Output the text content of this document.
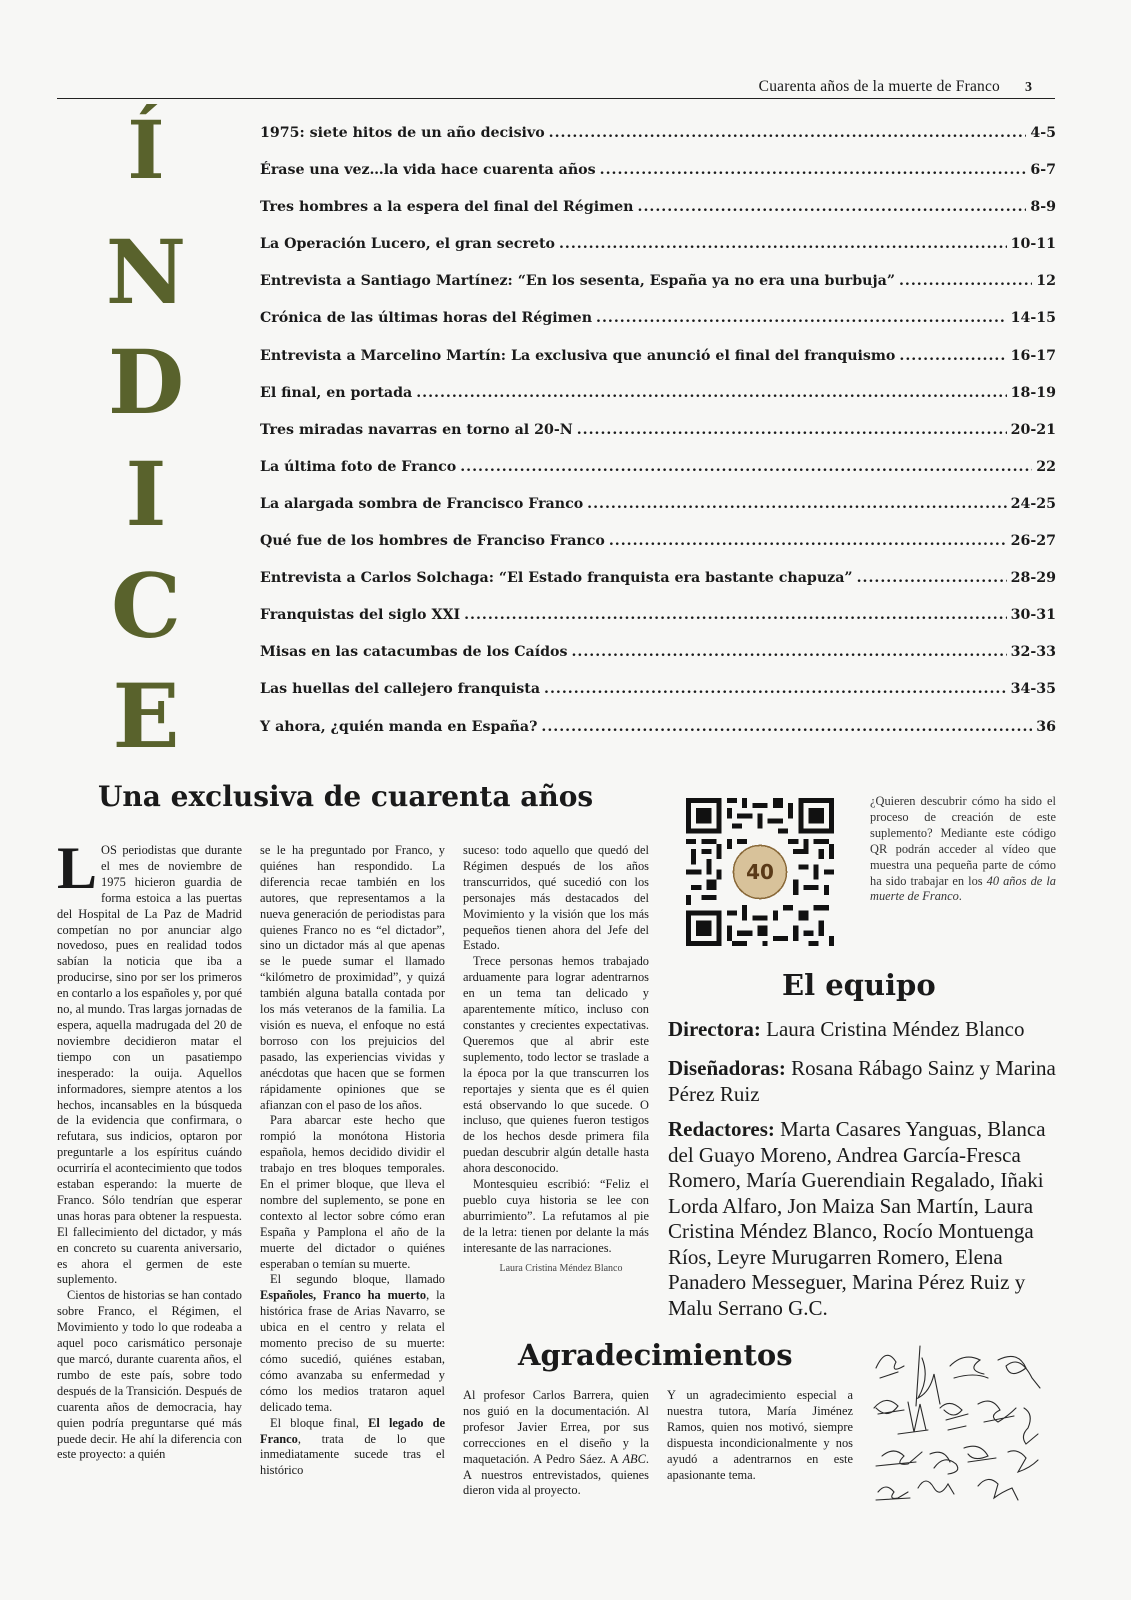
Cuarenta años de la muerte de Franco 3
Í
N
D
I
C
E
1975: siete hitos de un año decisivo .....	4-5
Érase una vez…la vida hace cuarenta años .....	6-7
Tres hombres a la espera del final del Régimen .....	8-9
La Operación Lucero, el gran secreto .....	10-11
Entrevista a Santiago Martínez: “En los sesenta, España ya no era una burbuja” .....	12
Crónica de las últimas horas del Régimen .....	14-15
Entrevista a Marcelino Martín: La exclusiva que anunció el final del franquismo .....	16-17
El final, en portada .....	18-19
Tres miradas navarras en torno al 20-N .....	20-21
La última foto de Franco .....	22
La alargada sombra de Francisco Franco .....	24-25
Qué fue de los hombres de Franciso Franco .....	26-27
Entrevista a Carlos Solchaga: “El Estado franquista era bastante chapuza” .....	28-29
Franquistas del siglo XXI .....	30-31
Misas en las catacumbas de los Caídos .....	32-33
Las huellas del callejero franquista .....	34-35
Y ahora, ¿quién manda en España? .....	36
Una exclusiva de cuarenta años

LOS periodistas que durante el mes de noviembre de 1975 hicieron guardia de forma estoica a las puertas del Hospital de La Paz de Madrid competían no por anunciar algo novedoso, pues en realidad todos sabían la noticia que iba a producirse, sino por ser los primeros en contarlo a los españoles y, por qué no, al mundo. Tras largas jornadas de espera, aquella madrugada del 20 de noviembre decidieron matar el tiempo con un pasatiempo inesperado: la ouija. Aquellos informadores, siempre atentos a los hechos, incansables en la búsqueda de la evidencia que confirmara, o refutara, sus indicios, optaron por preguntarle a los espíritus cuándo ocurriría el acontecimiento que todos estaban esperando: la muerte de Franco. Sólo tendrían que esperar unas horas para obtener la respuesta. El fallecimiento del dictador, y más en concreto su cuarenta aniversario, es ahora el germen de este suplemento.

Cientos de historias se han contado sobre Franco, el Régimen, el Movimiento y todo lo que rodeaba a aquel poco carismático personaje que marcó, durante cuarenta años, el rumbo de este país, sobre todo después de la Transición. Después de cuarenta años de democracia, hay quien podría preguntarse qué más puede decir. He ahí la diferencia con este proyecto: a quién

se le ha preguntado por Franco, y quiénes han respondido. La diferencia recae también en los autores, que representamos a la nueva generación de periodistas para quienes Franco no es “el dictador”, sino un dictador más al que apenas se le puede sumar el llamado “kilómetro de proximidad”, y quizá también alguna batalla contada por los más veteranos de la familia. La visión es nueva, el enfoque no está borroso con los prejuicios del pasado, las experiencias vividas y anécdotas que hacen que se formen rápidamente opiniones que se afianzan con el paso de los años.

Para abarcar este hecho que rompió la monótona Historia española, hemos decidido dividir el trabajo en tres bloques temporales. En el primer bloque, que lleva el nombre del suplemento, se pone en contexto al lector sobre cómo eran España y Pamplona el año de la muerte del dictador o quiénes esperaban o temían su muerte.

El segundo bloque, llamado Españoles, Franco ha muerto, la histórica frase de Arias Navarro, se ubica en el centro y relata el momento preciso de su muerte: cómo sucedió, quiénes estaban, cómo avanzaba su enfermedad y cómo los medios trataron aquel delicado tema.

El bloque final, El legado de Franco, trata de lo que inmediatamente sucede tras el histórico

suceso: todo aquello que quedó del Régimen después de los años transcurridos, qué sucedió con los personajes más destacados del Movimiento y la visión que los más pequeños tienen ahora del Jefe del Estado.

Trece personas hemos trabajado arduamente para lograr adentrarnos en un tema tan delicado y aparentemente mítico, incluso con constantes y crecientes expectativas. Queremos que al abrir este suplemento, todo lector se traslade a la época por la que transcurren los reportajes y sienta que es él quien está observando lo que sucede. O incluso, que quienes fueron testigos de los hechos desde primera fila puedan descubrir algún detalle hasta ahora desconocido.

Montesquieu escribió: “Feliz el pueblo cuya historia se lee con aburrimiento”. La refutamos al pie de la letra: tienen por delante la más interesante de las narraciones.

Laura Cristina Méndez Blanco

40
¿Quieren descubrir cómo ha sido el proceso de creación de este suplemento? Mediante este código QR podrán acceder al vídeo que muestra una pequeña parte de cómo ha sido trabajar en los 40 años de la muerte de Franco.
El equipo
Directora: Laura Cristina Méndez Blanco
Diseñadoras: Rosana Rábago Sainz y Marina Pérez Ruiz
Redactores: Marta Casares Yanguas, Blanca del Guayo Moreno, Andrea García-Fresca Romero, María Guerendiain Regalado, Iñaki Lorda Alfaro, Jon Maiza San Martín, Laura Cristina Méndez Blanco, Rocío Montuenga Ríos, Leyre Murugarren Romero, Elena Panadero Messeguer, Marina Pérez Ruiz y Malu Serrano G.C.
Agradecimientos

Al profesor Carlos Barrera, quien nos guió en la documentación. Al profesor Javier Errea, por sus correcciones en el diseño y la maquetación. A Pedro Sáez. A ABC. A nuestros entrevistados, quienes dieron vida al proyecto.

Y un agradecimiento especial a nuestra tutora, María Jiménez Ramos, quien nos motivó, siempre dispuesta incondicionalmente y nos ayudó a adentrarnos en este apasionante tema.
